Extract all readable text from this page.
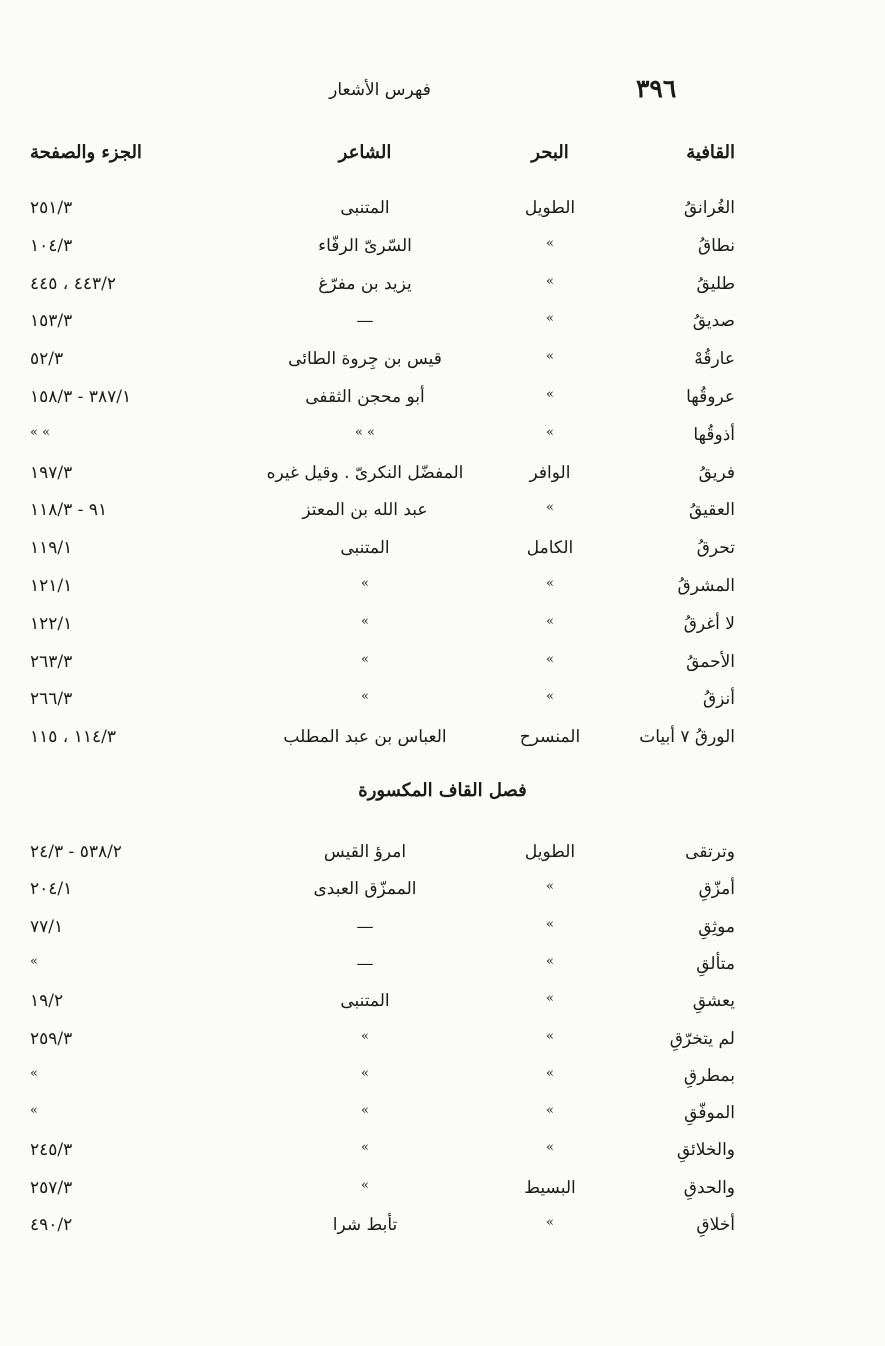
٣٩٦
فهرس الأشعار
القافية
البحر
الشاعر
الجزء والصفحة
الغُرانقُ
الطويل
المتنبى
٢٥١/٣
نطاقُ
»
السّرىّ الرفّاء
١٠٤/٣
طليقُ
»
يزيد بن مفرّغ
٤٤٣/٢ ، ٤٤٥
صديقُ
»
—
١٥٣/٣
عارقُهْ
»
قيس بن جِروة الطائى
٥٢/٣
عروقُها
»
أبو محجن الثقفى
٣٨٧/١ - ١٥٨/٣
أذوقُها
»
» »
» »
فريقُ
الوافر
المفضّل النكرىّ . وقيل غيره
١٩٧/٣
العقيقُ
»
عبد الله بن المعتز
٩١ - ١١٨/٣
تحرقُ
الكامل
المتنبى
١١٩/١
المشرقُ
»
»
١٢١/١
لا أغرقُ
»
»
١٢٢/١
الأحمقُ
»
»
٢٦٣/٣
أنزقُ
»
»
٢٦٦/٣
الورقُ ٧ أبيات
المنسرح
العباس بن عبد المطلب
١١٤/٣ ، ١١٥
فصل القاف المكسورة
وترتقى
الطويل
امرؤ القيس
٥٣٨/٢ - ٢٤/٣
أمزّقِ
»
الممزّق العبدى
٢٠٤/١
موثِقِ
»
—
٧٧/١
متألقِ
»
—
»
يعشقِ
»
المتنبى
١٩/٢
لم يتخرّقِ
»
»
٢٥٩/٣
بمطرقِ
»
»
»
الموفّقِ
»
»
»
والخلائقِ
»
»
٢٤٥/٣
والحدقِ
البسيط
»
٢٥٧/٣
أخلاقِ
»
تأبط شرا
٤٩٠/٢
